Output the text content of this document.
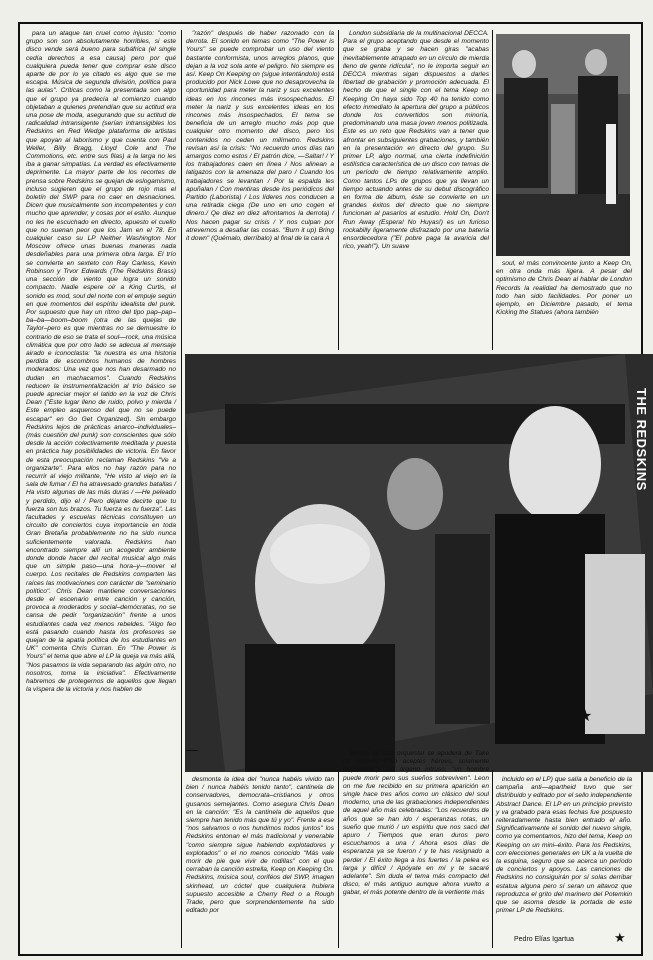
para un ataque tan cruel como injusto: "como grupo son son absolutamente horribles, si este disco vende será bueno para subáfrica (el single cedía derechos a esa causa) pero por qué cualquiera pueda tener que comprar este disco aparte de por lo ya citado es algo que se me escapa. Música de segunda división, política para las aulas". Críticas como la presentada son algo que el grupo ya predecía al comienzo cuando objetaban a quienes pretendían que su actitud era una pose de moda, asegurando que su actitud de radicalidad intransigente (serían intransigibles los Redskins en Red Wedge plataforma de artistas que apoyan al laborismo y que cuenta con Paul Weller, Billy Bragg, Lloyd Cole and The Commotions, etc. entre sus filas) a la larga no les iba a ganar simpatías. La verdad es efectivamente deprimente. La mayor parte de los recortes de prensa sobre Redskins se quejan de eslogamismo, incluso sugieren que el grupo de rojo mas el boletín del SWP para no caer en desnaciones. Dicen que musicalmente son incompetentes y con mucho que aprender, y cosas por el estilo. Aunque no les he escuchado en directo, apuesto el cuello que no suenan peor que los Jam en el 78. En cualquier caso su LP Neither Washington Nor Moscow ofrece unas buenas maneras nada desdeñables para una primera obra larga. El trío se convierte en sexteto con Ray Carless, Kevin Robinson y Trvor Edwards (The Redskins Brass) una sección de viento que logra un sonido compacto. Nadie espere oir a King Curtis, el sonido es mod, soul del norte con el empuje según en que momentos del espíritu idealista del punk. Por supuesto que hay un ritmo del tipo pap–pap–ba–ba—boom–boom (otra de las quejas de Taylor–pero es que mientras no se demuestre lo contrario de eso se trata el soul—rock, una música climática que por otro lado se adecua al mensaje airado e iconoclasta: "la nuestra es una historia perdida de escombros humanos de hombres moderados: Una vez que nos han desarmado no dudan en machacarnos". Cuando Redskins reducen la instrumentalización al trío básico se puede apreciar mejor el latido en la voz de Chris Dean ("Este lugar lleno de ruido, polvo y mierda / Este empleo asqueroso del que no se puede escapar" en Go Get Organized). Sin embargo Redskins lejos de prácticas anarco–individuales– (más cuestión del punk) son conscientes que sólo desde la acción colectivamente meditada y puesta en práctica hay posibilidades de victoria. En favor de esta preocupación reclaman Redskins "Ve a organizarte". Para ellos no hay razón para no recurrir al viejo militante, "He visto al viejo en la sala de fumar / El ha atravesado grandes batallas / Ha visto algunas de las más duras / —He peleado y perdido, dijo el / Pero déjame decirte que tu fuerza son tus brazos. Tu fuerza es tu fuerza". Las facultades y escuelas técnicas constituyen un circuito de conciertos cuya importancia en toda Gran Bretaña probablemente no ha sido nunca suficientemente valorada. Redskins han encontrado siempre allí un acogedor ambiente donde donde hacer del recital musical algo más que un simple paso—una hora–y—mover el cuerpo. Los recitales de Redskins comparten las raíces las motivaciones con carácter de "seminario político". Chris Dean mantiene conversaciones desde el escenario entre canción y canción, provoca a moderados y social–demócratas, no se cansa de pedir "organización" frente a unos estudiantes cada vez menos rebeldes. "Algo feo está pasando cuando hasta los profesores se quejan de la apatía política de los estudiantes en UK" comenta Chris Curran. En "The Power is Yours" el tema que abre el LP la queja va más allá, "Nos pasamos la vida separando las algún otro, no nosotros, toma la iniciativa". Efectivamente habremos de protegernos de aquellos que llegan la víspera de la victoria y nos hablen de

"razón" después de haber razonado con la derrota. El sonido en temas como "The Power is Yours" se puede comprobar un uso del viento bastante conformista, unos arreglos planos, que dejan a la voz sola ante el peligro. No siempre es así. Keep On Keeping on (sigue intentándolo) está producido por Nick Lowe que no desaprovecha la oportunidad para meter la nariz y sus excelentes ideas en los rincones más insospechados. El meter la nariz y sus excelentes ideas en los rincones más insospechados. El tema se beneficia de un arreglo mucho más pop que cualquier otro momento del disco, pero los contenidos no ceden un milímetro. Redskins revisan así la crisis: "No recuerdo unos días tan amargos como estos / El patrón dice, —Saltar! / Y los trabajadores caen en línea / Nos alinean a latigazos con la amenaza del paro / Cuando los trabajadores se levantan / Por la espalda les apuñalan / Con mentiras desde los periódicos del Partido (Laborista) / Los líderes nos conducen a una retirada ciega (De uno en uno cogen el dinero./ Qe diez en diez afrontamos la derrota) / Nos hacen pagar su crisis / Y nos culpan por atrevernos a desafiar las cosas. "Burn it up) Bring it down" (Quémalo, derríbalo) al final de la cara A

London subsidiaria de la multinacional DECCA. Para el grupo aceptando que desde el momento que se graba y se hacen giras "acabas inevitablemente atrapado en un círculo de mierda lleno de gente ridícula", no le importa seguir en DECCA mientras sigan dispuestos a darles libertad de grabación y promoción adecuada. El hecho de que el single con el tema Keep on Keeping On haya sido Top 40 ha tenido como efecto inmediato la apertura del grupo a públicos donde los convertidos son minoría, predominando una masa joven menos politizada. Este es un reto que Redskins van a tener que afrontar en subsiguientes grabaciones, y también en la presentación en directo del grupo. Su primer LP, algo normal, una cierta indefinición estilística característica de un disco con temas de un período de tiempo relativamente amplio. Como tantos LPs de grupos que ya llevan un tiempo actuando antes de su debut discográfico en forma de álbum, éste se convierte en un grandes éxitos del directo que no siempre funcionan al pasarlos al estudio. Hold On, Don't Run Away (Espera! No Huyas!) es un furioso rockabilly ligeramente disfrazado por una batería ensordecedora ("El pobre paga la avaricia del rico, yeah!"). Un suave

soul, el más convincente junto a Keep On, en otra onda más ligera. A pesar del optimismo de Chris Dean al hablar de London Records la realidad ha demostrado que no todo han sido facilidades. Por poner un ejemplo, en Diciembre pasado, el tema Kicking the Statues (ahora también

THE REDSKINS
★

desmonta la idea del "nunca habéis vivido tan bien / nunca habéis tenido tanto", cantinela de conservadores, democrata–cristianos y otros gusanos semejantes. Como asegura Chris Dean en la canción: "Es la cantinela de aquellos que siempre han tenido más que tú y yo". Frente a ese "nos salvamos o nos hundimos todos juntos" los Redskins entonan el más tradicional y venerable "como siempre sigue habiendo explotadores y explotados" o el no menos conocido "Más vale morir de pie que vivir de rodillas" con el que cerraban la canción estrella, Keep on Keeping On. Redskins, música soul, coriféos del SWP, imagen skinhead, un cóctel que cualquiera hubiera supuesto accesible a Cherry Red o a Rough Trade, pero que sorprendentemente ha sido editado por

tiempo de jazz orquestal se apodera de Take no Heroes! ("No aceptes héroes, solamente inspiración"). Un órgano intruso, "un hombre puede morir pero sus sueños sobreviven". Leon on me fue recibido en su primera aparición en single hace tres años como un clásico del soul moderno, una de las grabaciones independientes de aquel año más celebradas: "Los recuerdos de años que se han ido / esperanzas rotas, un sueño que murió / un espíritu que nos sacó del apuro / Tiempos que eran duros pero escuchamos a una / Ahora esos días de esperanza ya se fueron / y te has resignado a perder / El éxito llega a los fuertes / la pelea es larga y difícil / Apóyate en mí y te sacaré adelante". Sin duda el tema más compacto del disco, el más antiguo aunque ahora vuelto a gabar, el más potente dentro de la vertiente más

incluido en el LP) que salía a beneficio de la campaña anti—apartheid tuvo que ser distribuido y editado por el sello independiente Abstract Dance. El LP en un principio previsto y va grabado para esas fechas fue pospuesto reiteradamente hasta bien entrado el año. Significativamente el sonido del nuevo single, como ya comentamos, hizo del tema, Keep on Keeping on un mini–éxito. Para los Redskins, con elecciones generales en UK a la vuelta de la esquina, seguro que se acerca un período de conciertos y apoyos. Las canciones de Redskins no consiguirán por sí solas derribar estatua alguna pero sí seran un altavoz que reproduzca el grito del marinero del Potemkin que se asoma desde la portada de este primer LP de Redskins.

Pedro Elías Igartua	★
